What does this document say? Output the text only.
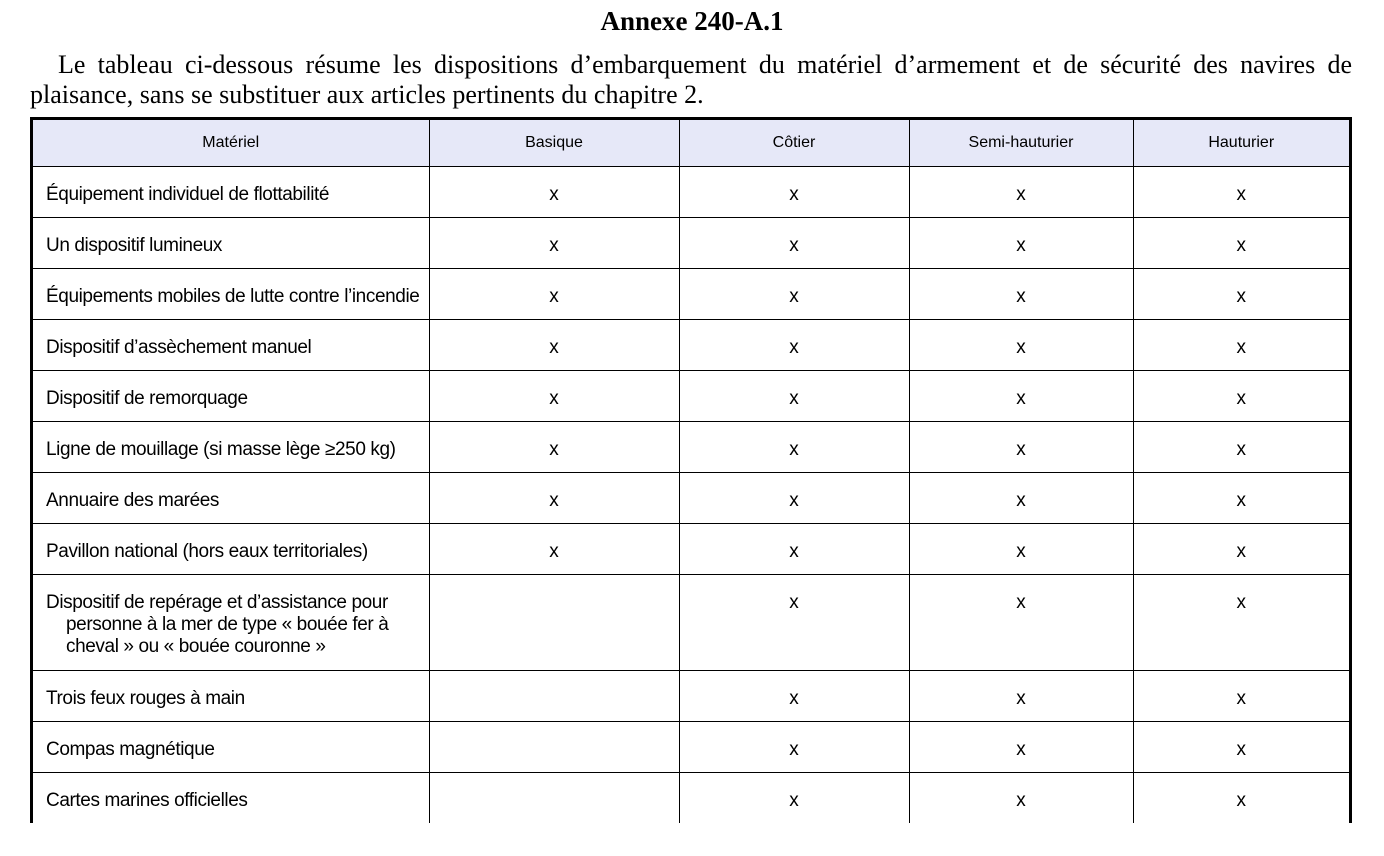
Annexe 240-A.1

Le tableau ci-dessous résume les dispositions d’embarquement du matériel d’armement et de sécurité des navires de plaisance, sans se substituer aux articles pertinents du chapitre 2.

Matériel	Basique	Côtier	Semi-hauturier	Hauturier
Équipement individuel de flottabilité	x	x	x	x
Un dispositif lumineux	x	x	x	x
Équipements mobiles de lutte contre l’incendie	x	x	x	x
Dispositif d’assèchement manuel	x	x	x	x
Dispositif de remorquage	x	x	x	x
Ligne de mouillage (si masse lège ≥250 kg)	x	x	x	x
Annuaire des marées	x	x	x	x
Pavillon national (hors eaux territoriales)	x	x	x	x

Dispositif de repérage et d’assistance pour personne à la mer de type « bouée fer à cheval » ou « bouée couronne »		x	x	x
Trois feux rouges à main		x	x	x
Compas magnétique		x	x	x
Cartes marines officielles		x	x	x
